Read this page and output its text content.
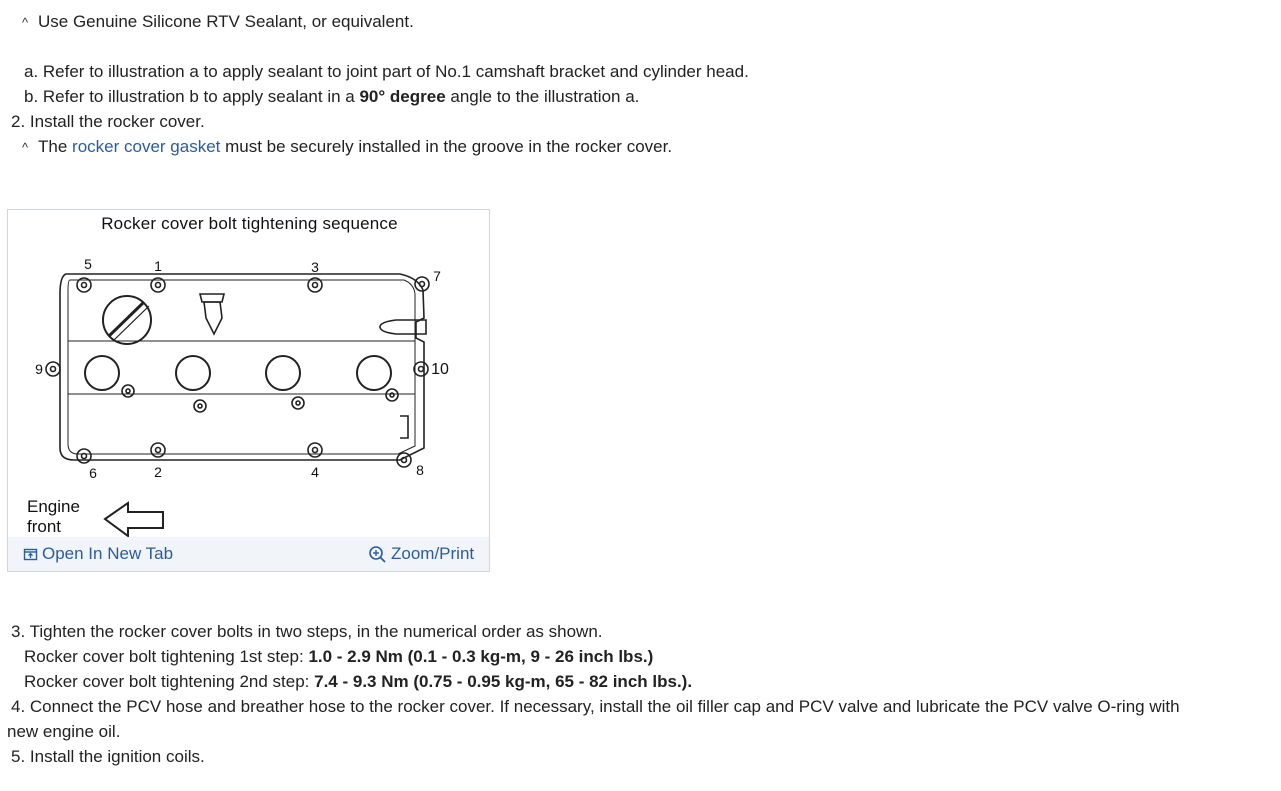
^ Use Genuine Silicone RTV Sealant, or equivalent.
a. Refer to illustration a to apply sealant to joint part of No.1 camshaft bracket and cylinder head.
b. Refer to illustration b to apply sealant in a 90° degree angle to the illustration a.
2. Install the rocker cover.
^ The rocker cover gasket must be securely installed in the groove in the rocker cover.
Rocker cover bolt tightening sequence
1
2
3
4
5
6
7
8
9	10
Engine
front
Open In New Tab	Zoom/Print
3. Tighten the rocker cover bolts in two steps, in the numerical order as shown.
Rocker cover bolt tightening 1st step: 1.0 - 2.9 Nm (0.1 - 0.3 kg-m, 9 - 26 inch lbs.)
Rocker cover bolt tightening 2nd step: 7.4 - 9.3 Nm (0.75 - 0.95 kg-m, 65 - 82 inch lbs.).
4. Connect the PCV hose and breather hose to the rocker cover. If necessary, install the oil filler cap and PCV valve and lubricate the PCV valve O-ring with
new engine oil.
5. Install the ignition coils.
